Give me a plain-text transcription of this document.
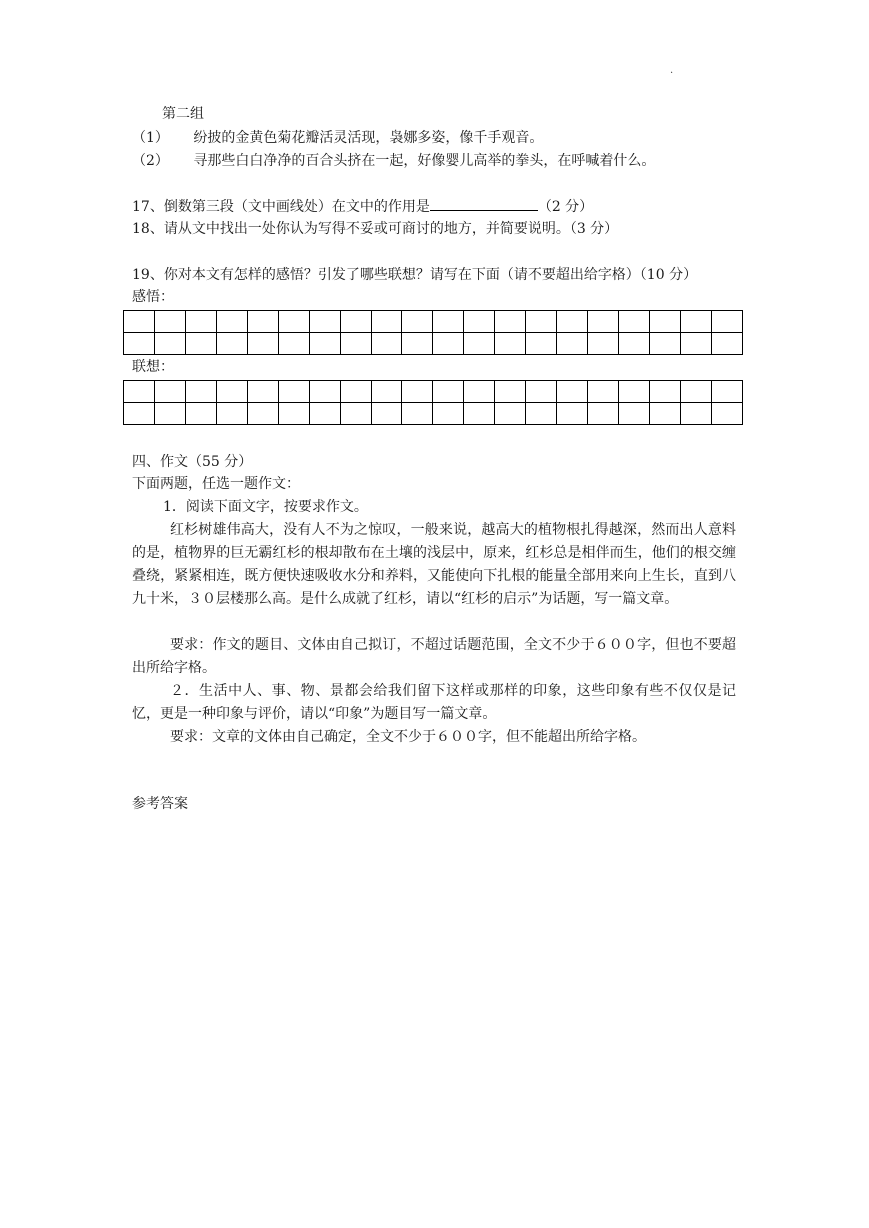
.
第二组
（1） 纷披的金黄色菊花瓣活灵活现，袅娜多姿，像千手观音。
（2） 寻那些白白净净的百合头挤在一起，好像婴儿高举的拳头，在呼喊着什么。
17、倒数第三段（文中画线处）在文中的作用是	（2 分）
18、请从文中找出一处你认为写得不妥或可商讨的地方，并简要说明。（3 分）
19、你对本文有怎样的感悟？引发了哪些联想？请写在下面（请不要超出给字格）（10 分）
感悟：

联想：

四、作文（55 分）
下面两题，任选一题作文：
1．阅读下面文字，按要求作文。
红杉树雄伟高大，没有人不为之惊叹，一般来说，越高大的植物根扎得越深，然而出人意料的是，植物界的巨无霸红杉的根却散布在土壤的浅层中，原来，红杉总是相伴而生，他们的根交缠叠绕，紧紧相连，既方便快速吸收水分和养料，又能使向下扎根的能量全部用来向上生长，直到八九十米，３０层楼那么高。是什么成就了红杉，请以“红杉的启示”为话题，写一篇文章。
要求：作文的题目、文体由自己拟订，不超过话题范围，全文不少于６００字，但也不要超出所给字格。
２．生活中人、事、物、景都会给我们留下这样或那样的印象，这些印象有些不仅仅是记忆，更是一种印象与评价，请以“印象”为题目写一篇文章。
要求：文章的文体由自己确定，全文不少于６００字，但不能超出所给字格。
参考答案
